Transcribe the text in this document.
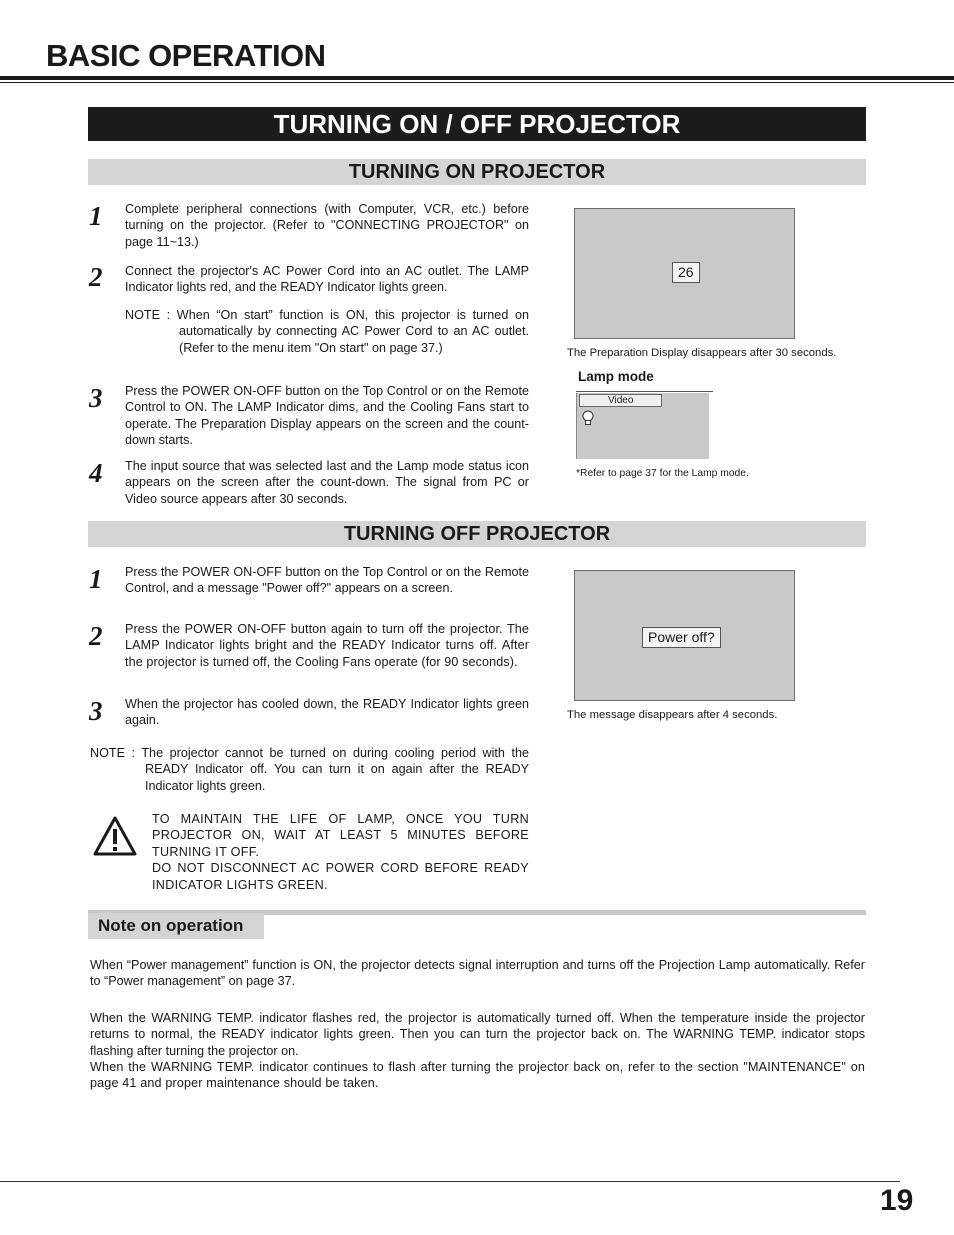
BASIC OPERATION
TURNING ON / OFF PROJECTOR
TURNING ON PROJECTOR
1 Complete peripheral connections (with Computer, VCR, etc.) before turning on the projector. (Refer to "CONNECTING PROJECTOR" on page 11~13.)
2 Connect the projector's AC Power Cord into an AC outlet. The LAMP Indicator lights red, and the READY Indicator lights green.
NOTE : When “On start” function is ON, this projector is turned on automatically by connecting AC Power Cord to an AC outlet. (Refer to the menu item "On start" on page 37.)
3 Press the POWER ON-OFF button on the Top Control or on the Remote Control to ON. The LAMP Indicator dims, and the Cooling Fans start to operate. The Preparation Display appears on the screen and the count-down starts.
4 The input source that was selected last and the Lamp mode status icon appears on the screen after the count-down. The signal from PC or Video source appears after 30 seconds.
26
The Preparation Display disappears after 30 seconds.
Lamp mode
Video
*Refer to page 37 for the Lamp mode.
TURNING OFF PROJECTOR
1 Press the POWER ON-OFF button on the Top Control or on the Remote Control, and a message "Power off?" appears on a screen.
2 Press the POWER ON-OFF button again to turn off the projector. The LAMP Indicator lights bright and the READY Indicator turns off. After the projector is turned off, the Cooling Fans operate (for 90 seconds).
3 When the projector has cooled down, the READY Indicator lights green again.
Power off?
The message disappears after 4 seconds.
NOTE : The projector cannot be turned on during cooling period with the READY Indicator off. You can turn it on again after the READY Indicator lights green.
TO MAINTAIN THE LIFE OF LAMP, ONCE YOU TURN PROJECTOR ON, WAIT AT LEAST 5 MINUTES BEFORE TURNING IT OFF.
DO NOT DISCONNECT AC POWER CORD BEFORE READY INDICATOR LIGHTS GREEN.
Note on operation
When “Power management” function is ON, the projector detects signal interruption and turns off the Projection Lamp automatically. Refer to “Power management” on page 37.
When the WARNING TEMP. indicator flashes red, the projector is automatically turned off. When the temperature inside the projector returns to normal, the READY indicator lights green. Then you can turn the projector back on. The WARNING TEMP. indicator stops flashing after turning the projector on.
When the WARNING TEMP. indicator continues to flash after turning the projector back on, refer to the section "MAINTENANCE" on page 41 and proper maintenance should be taken.
19
